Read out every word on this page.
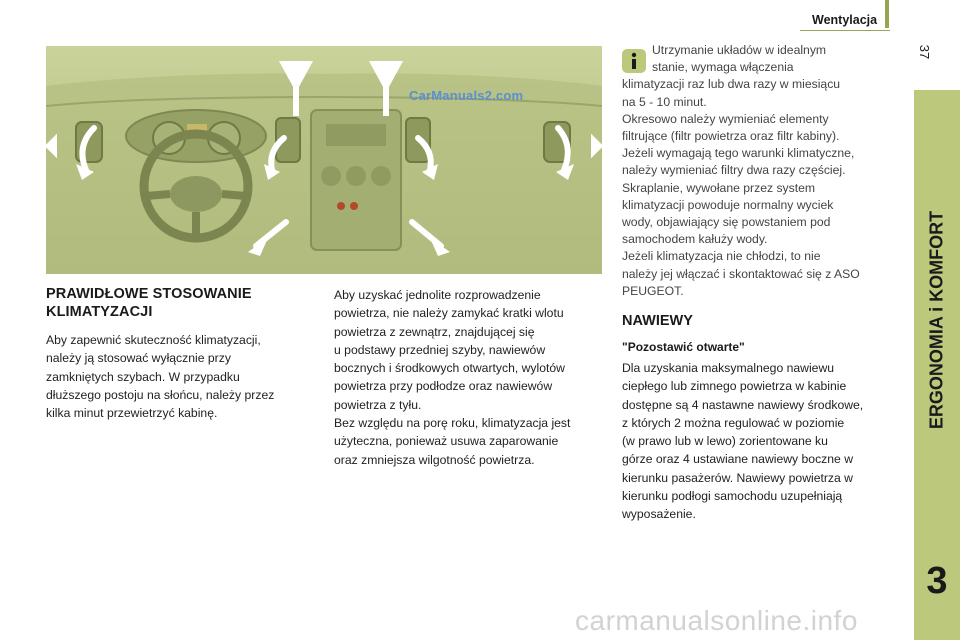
Wentylacja
37
ERGONOMIA i KOMFORT
3
CarManuals2.com

Utrzymanie układów w idealnym

stanie, wymaga włączenia

klimatyzacji raz lub dwa razy w miesiącu

na 5 - 10 minut.

Okresowo należy wymieniać elementy

filtrujące (filtr powietrza oraz filtr kabiny).

Jeżeli wymagają tego warunki klimatyczne,

należy wymieniać filtry dwa razy częściej.

Skraplanie, wywołane przez system

klimatyzacji powoduje normalny wyciek

wody, objawiający się powstaniem pod

samochodem kałuży wody.

Jeżeli klimatyzacja nie chłodzi, to nie

należy jej włączać i skontaktować się z ASO

PEUGEOT.

PRAWIDŁOWE STOSOWANIE
KLIMATYZACJI

Aby zapewnić skuteczność klimatyzacji,

należy ją stosować wyłącznie przy

zamkniętych szybach. W przypadku

dłuższego postoju na słońcu, należy przez

kilka minut przewietrzyć kabinę.

Aby uzyskać jednolite rozprowadzenie

powietrza, nie należy zamykać kratki wlotu

powietrza z zewnątrz, znajdującej się

u podstawy przedniej szyby, nawiewów

bocznych i środkowych otwartych, wylotów

powietrza przy podłodze oraz nawiewów

powietrza z tyłu.

Bez względu na porę roku, klimatyzacja jest

użyteczna, ponieważ usuwa zaparowanie

oraz zmniejsza wilgotność powietrza.

NAWIEWY
"Pozostawić otwarte"

Dla uzyskania maksymalnego nawiewu

ciepłego lub zimnego powietrza w kabinie

dostępne są 4 nastawne nawiewy środkowe,

z których 2 można regulować w poziomie

(w prawo lub w lewo) zorientowane ku

górze oraz 4 ustawiane nawiewy boczne w

kierunku pasażerów. Nawiewy powietrza w

kierunku podłogi samochodu uzupełniają

wyposażenie.

carmanualsonline.info
